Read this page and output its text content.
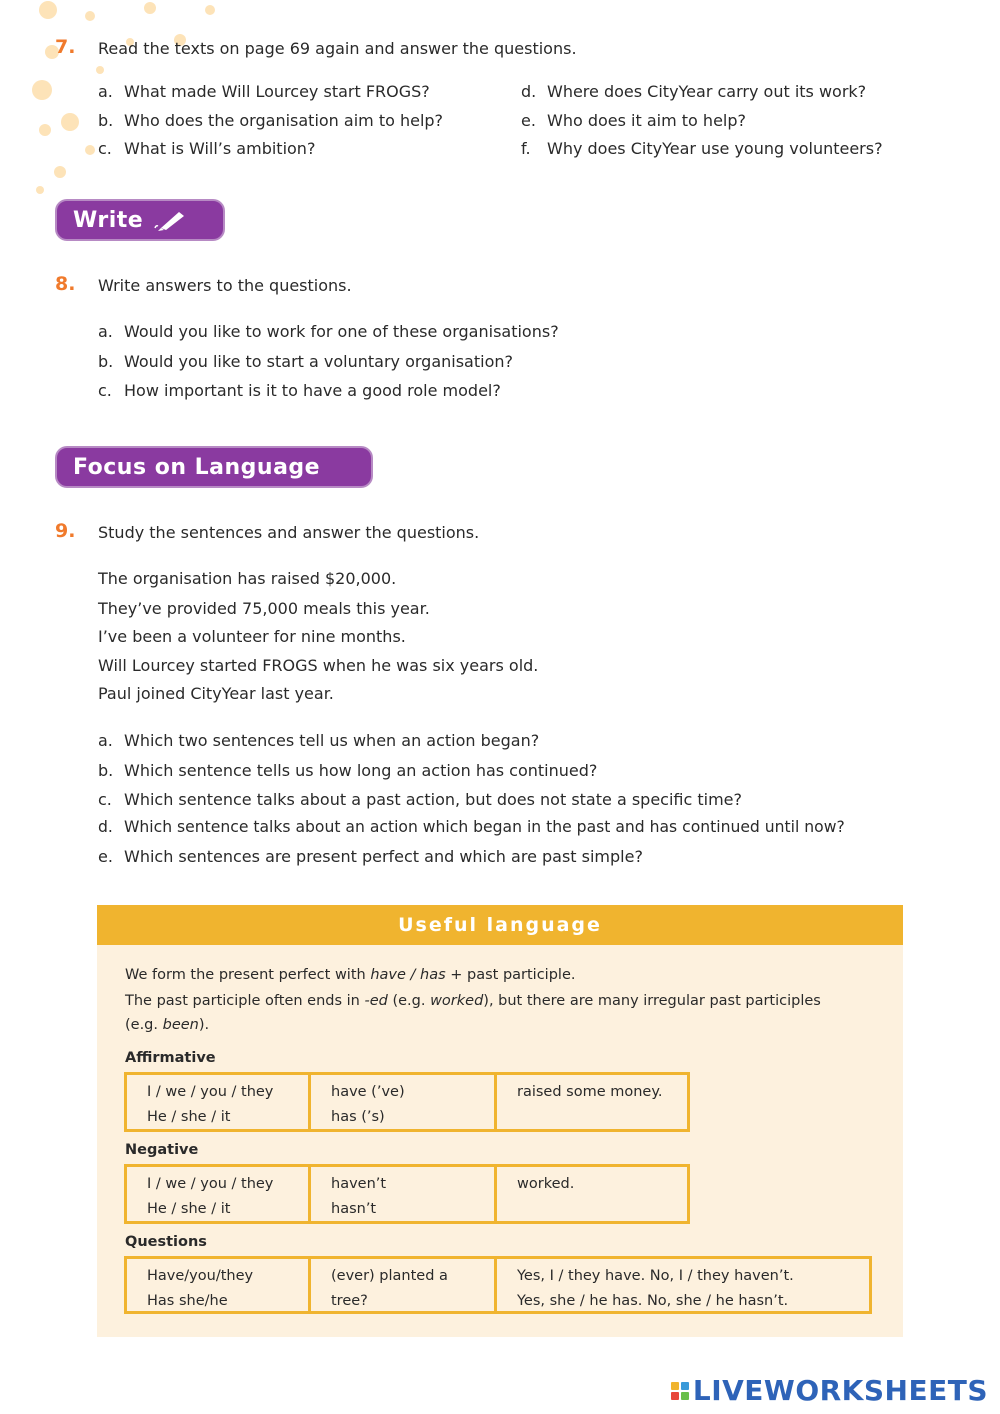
7. Read the texts on page 69 again and answer the questions.
a. What made Will Lourcey start FROGS?
b. Who does the organisation aim to help?
c. What is Will’s ambition?
d. Where does CityYear carry out its work?
e. Who does it aim to help?
f. Why does CityYear use young volunteers?
Write
8. Write answers to the questions.
a. Would you like to work for one of these organisations?
b. Would you like to start a voluntary organisation?
c. How important is it to have a good role model?
Focus on Language
9. Study the sentences and answer the questions.
The organisation has raised $20,000.
They’ve provided 75,000 meals this year.
I’ve been a volunteer for nine months.
Will Lourcey started FROGS when he was six years old.
Paul joined CityYear last year.
a. Which two sentences tell us when an action began?
b. Which sentence tells us how long an action has continued?
c. Which sentence talks about a past action, but does not state a specific time?
d. Which sentence talks about an action which began in the past and has continued until now?
e. Which sentences are present perfect and which are past simple?
Useful language
We form the present perfect with have / has + past participle.
The past participle often ends in -ed (e.g. worked), but there are many irregular past participles
(e.g. been).
Affirmative
I / we / you / they
He / she / it
have (’ve)
has (’s)
raised some money.
Negative
I / we / you / they
He / she / it
haven’t
hasn’t
worked.
Questions
Have/you/they
Has she/he
(ever) planted a
tree?
Yes, I / they have. No, I / they haven’t.
Yes, she / he has. No, she / he hasn’t.
LIVEWORKSHEETS
